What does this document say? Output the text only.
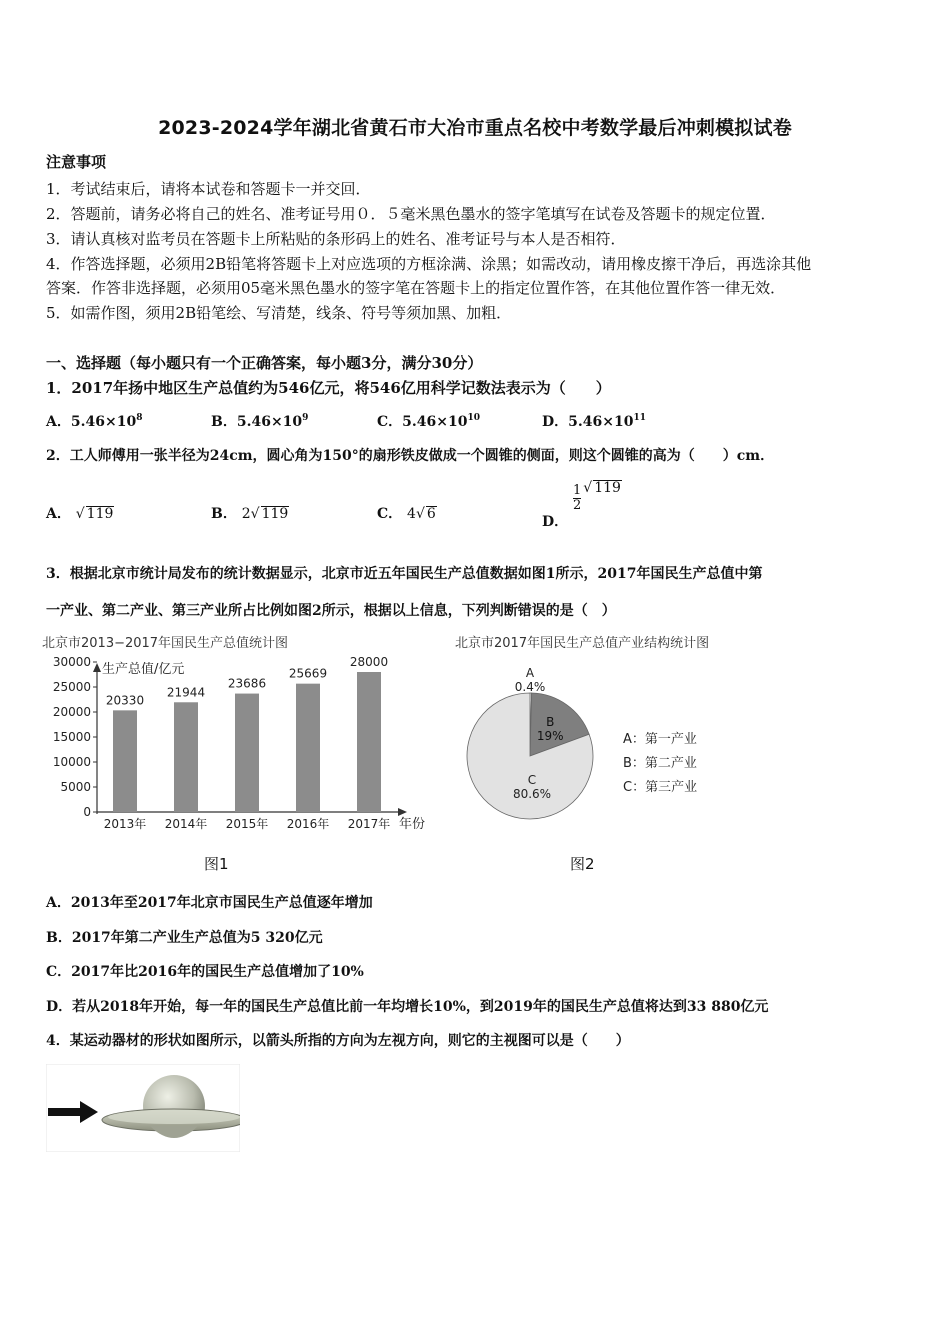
2023-2024学年湖北省黄石市大冶市重点名校中考数学最后冲刺模拟试卷
注意事项
1．考试结束后，请将本试卷和答题卡一并交回．
2．答题前，请务必将自己的姓名、准考证号用０．５毫米黑色墨水的签字笔填写在试卷及答题卡的规定位置．
3．请认真核对监考员在答题卡上所粘贴的条形码上的姓名、准考证号与本人是否相符．
4．作答选择题，必须用2B铅笔将答题卡上对应选项的方框涂满、涂黑；如需改动，请用橡皮擦干净后，再选涂其他
答案．作答非选择题，必须用05毫米黑色墨水的签字笔在答题卡上的指定位置作答，在其他位置作答一律无效．
5．如需作图，须用2B铅笔绘、写清楚，线条、符号等须加黑、加粗．
一、选择题（每小题只有一个正确答案，每小题3分，满分30分）
1．2017年扬中地区生产总值约为546亿元，将546亿用科学记数法表示为（　　）
A．$5.46\times 10^8$	B．$5.46\times 10^9$	C．$5.46\times 10^{10}$	D．$5.46\times 10^{11}$
2．工人师傅用一张半径为24cm，圆心角为150°的扇形铁皮做成一个圆锥的侧面，则这个圆锥的高为（　　）cm．
A． √ 119	B． 2√ 119	C． 4√ 6	D．
$\frac{1}{2}$ √ 119
3．根据北京市统计局发布的统计数据显示，北京市近五年国民生产总值数据如图1所示，2017年国民生产总值中第
一产业、第二产业、第三产业所占比例如图2所示，根据以上信息，下列判断错误的是（　）
北京市2013−2017年国民生产总值统计图
生产总值/亿元
年份
0
5000
10000
15000
20000
25000
30000
20330
2013年
21944
2014年
23686
2015年
25669
2016年
28000
2017年
图1
北京市2017年国民生产总值产业结构统计图
A
0.4%
B
19%
C
80.6%
A：第一产业
B：第二产业
C：第三产业
图2
A．2013年至2017年北京市国民生产总值逐年增加
B．2017年第二产业生产总值为5 320亿元
C．2017年比2016年的国民生产总值增加了10%
D．若从2018年开始，每一年的国民生产总值比前一年均增长10%，到2019年的国民生产总值将达到33 880亿元
4．某运动器材的形状如图所示，以箭头所指的方向为左视方向，则它的主视图可以是（　　）
